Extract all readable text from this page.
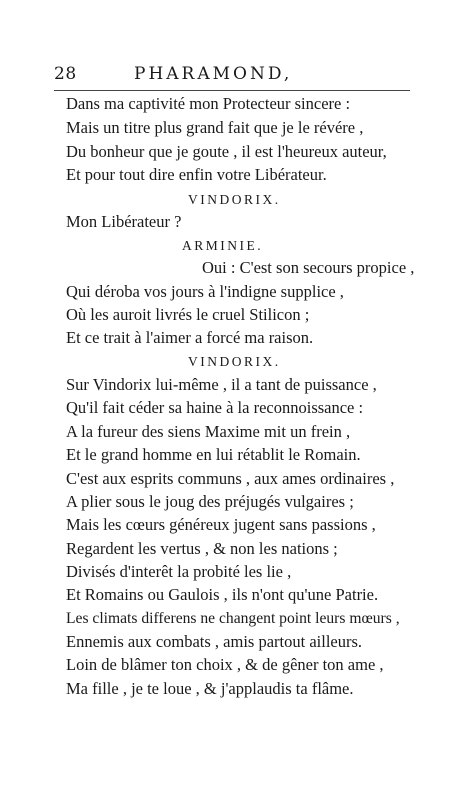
28	PHARAMOND,
Dans ma captivité mon Protecteur sincere :
Mais un titre plus grand fait que je le révére ,
Du bonheur que je goute , il est l'heureux auteur,
Et pour tout dire enfin votre Libérateur.
VINDORIX.
Mon Libérateur ?
ARMINIE.
Oui : C'est son secours propice ,
Qui déroba vos jours à l'indigne supplice ,
Où les auroit livrés le cruel Stilicon ;
Et ce trait à l'aimer a forcé ma raison.
VINDORIX.
Sur Vindorix lui-même , il a tant de puissance ,
Qu'il fait céder sa haine à la reconnoissance :
A la fureur des siens Maxime mit un frein ,
Et le grand homme en lui rétablit le Romain.
C'est aux esprits communs , aux ames ordinaires ,
A plier sous le joug des préjugés vulgaires ;
Mais les cœurs généreux jugent sans passions ,
Regardent les vertus , & non les nations ;
Divisés d'interêt la probité les lie ,
Et Romains ou Gaulois , ils n'ont qu'une Patrie.
Les climats differens ne changent point leurs mœurs ,
Ennemis aux combats , amis partout ailleurs.
Loin de blâmer ton choix , & de gêner ton ame ,
Ma fille , je te loue , & j'applaudis ta flâme.
